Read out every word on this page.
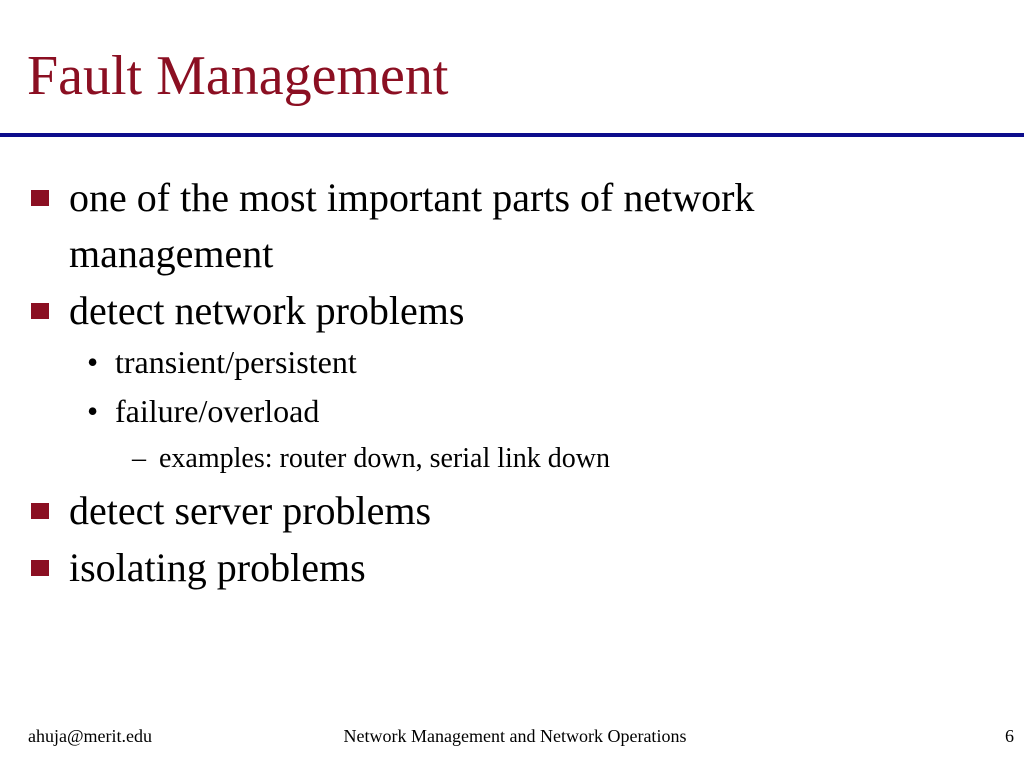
Fault Management
one of the most important parts of network
management
detect network problems
• transient/persistent
• failure/overload
– examples: router down, serial link down
detect server problems
isolating problems
ahuja@merit.edu	Network Management and Network Operations	6
